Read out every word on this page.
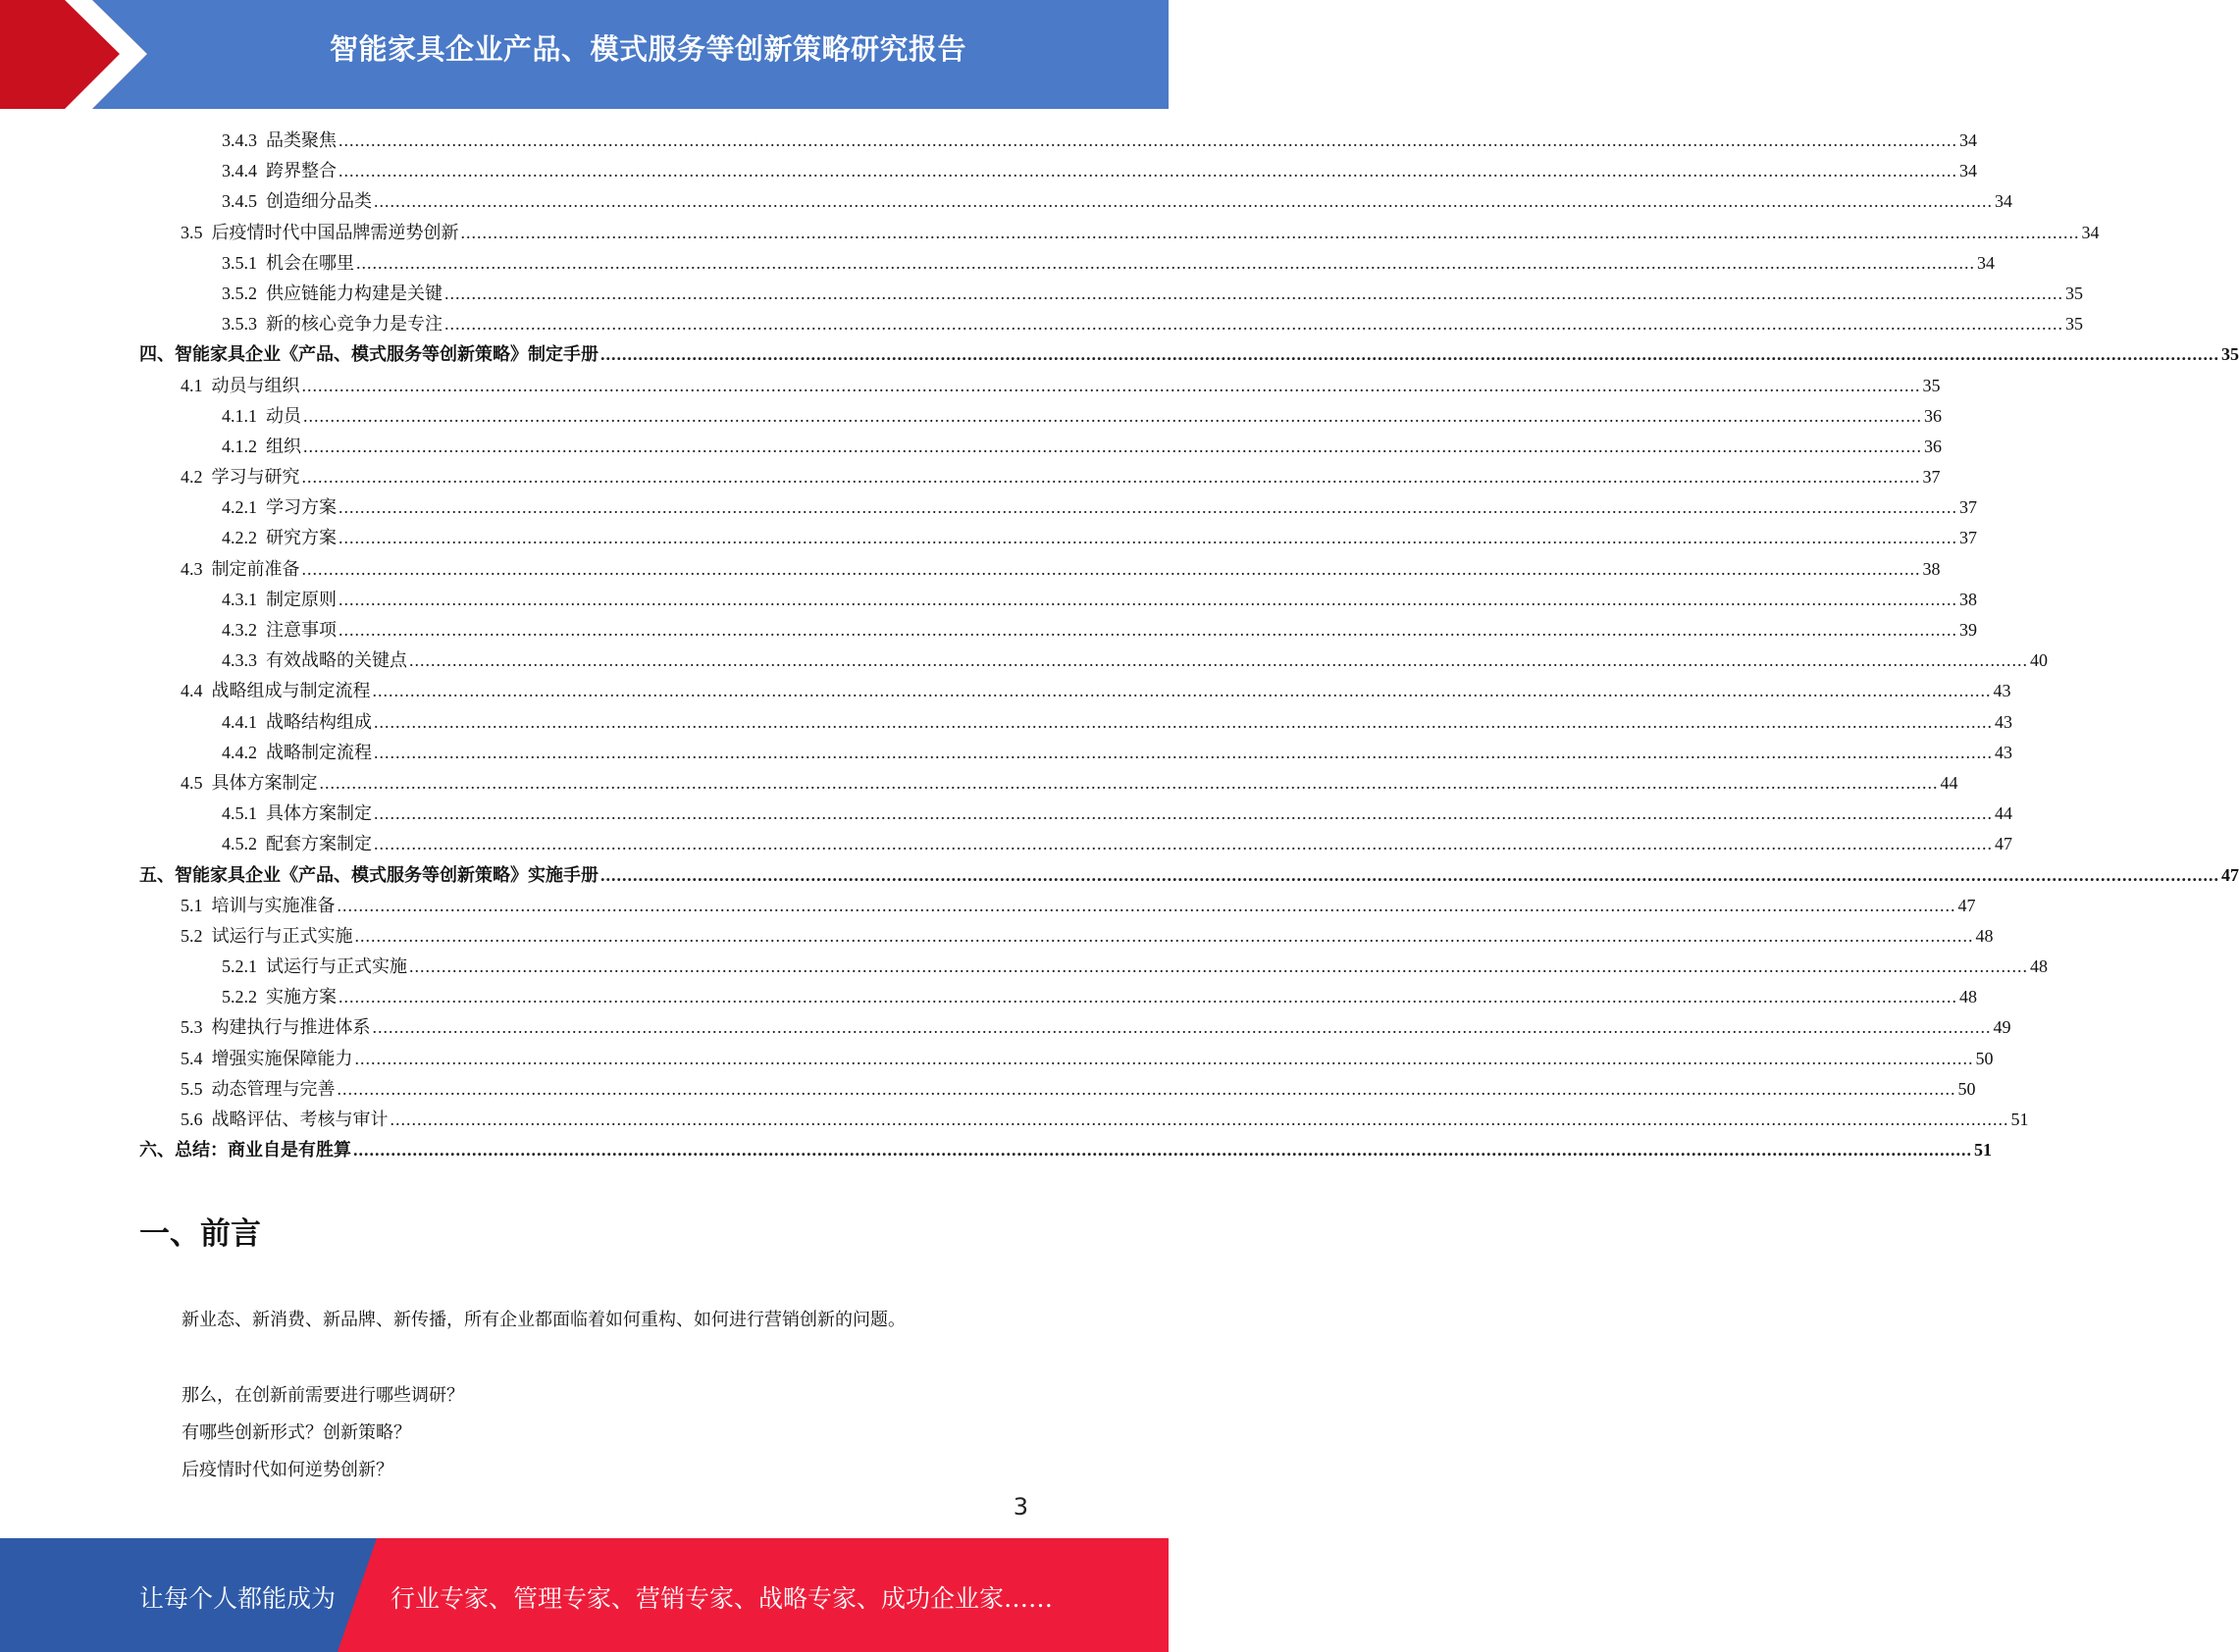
智能家具企业产品、模式服务等创新策略研究报告
3.4.3 品类聚焦 ............................................................................................................................................................................................................................................................................................................ 34
3.4.4 跨界整合 ............................................................................................................................................................................................................................................................................................................ 34
3.4.5 创造细分品类 ............................................................................................................................................................................................................................................................................................................ 34
3.5 后疫情时代中国品牌需逆势创新 ............................................................................................................................................................................................................................................................................................................ 34
3.5.1 机会在哪里 ............................................................................................................................................................................................................................................................................................................ 34
3.5.2 供应链能力构建是关键 ............................................................................................................................................................................................................................................................................................................ 35
3.5.3 新的核心竞争力是专注 ............................................................................................................................................................................................................................................................................................................ 35
四、 智能家具企业《产品、模式服务等创新策略》制定手册 ............................................................................................................................................................................................................................................................................................................ 35
4.1 动员与组织 ............................................................................................................................................................................................................................................................................................................ 35
4.1.1 动员 ............................................................................................................................................................................................................................................................................................................ 36
4.1.2 组织 ............................................................................................................................................................................................................................................................................................................ 36
4.2 学习与研究 ............................................................................................................................................................................................................................................................................................................ 37
4.2.1 学习方案 ............................................................................................................................................................................................................................................................................................................ 37
4.2.2 研究方案 ............................................................................................................................................................................................................................................................................................................ 37
4.3 制定前准备 ............................................................................................................................................................................................................................................................................................................ 38
4.3.1 制定原则 ............................................................................................................................................................................................................................................................................................................ 38
4.3.2 注意事项 ............................................................................................................................................................................................................................................................................................................ 39
4.3.3 有效战略的关键点 ............................................................................................................................................................................................................................................................................................................ 40
4.4 战略组成与制定流程 ............................................................................................................................................................................................................................................................................................................ 43
4.4.1 战略结构组成 ............................................................................................................................................................................................................................................................................................................ 43
4.4.2 战略制定流程 ............................................................................................................................................................................................................................................................................................................ 43
4.5 具体方案制定 ............................................................................................................................................................................................................................................................................................................ 44
4.5.1 具体方案制定 ............................................................................................................................................................................................................................................................................................................ 44
4.5.2 配套方案制定 ............................................................................................................................................................................................................................................................................................................ 47
五、 智能家具企业《产品、模式服务等创新策略》实施手册 ............................................................................................................................................................................................................................................................................................................ 47
5.1 培训与实施准备 ............................................................................................................................................................................................................................................................................................................ 47
5.2 试运行与正式实施 ............................................................................................................................................................................................................................................................................................................ 48
5.2.1 试运行与正式实施 ............................................................................................................................................................................................................................................................................................................ 48
5.2.2 实施方案 ............................................................................................................................................................................................................................................................................................................ 48
5.3 构建执行与推进体系 ............................................................................................................................................................................................................................................................................................................ 49
5.4 增强实施保障能力 ............................................................................................................................................................................................................................................................................................................ 50
5.5 动态管理与完善 ............................................................................................................................................................................................................................................................................................................ 50
5.6 战略评估、考核与审计 ............................................................................................................................................................................................................................................................................................................ 51
六、 总结：商业自是有胜算 ............................................................................................................................................................................................................................................................................................................ 51
一、前言
新业态、新消费、新品牌、新传播，所有企业都面临着如何重构、如何进行营销创新的问题。
那么，在创新前需要进行哪些调研？
有哪些创新形式？创新策略？
后疫情时代如何逆势创新？
3
让每个人都能成为 行业专家、管理专家、营销专家、战略专家、成功企业家……
